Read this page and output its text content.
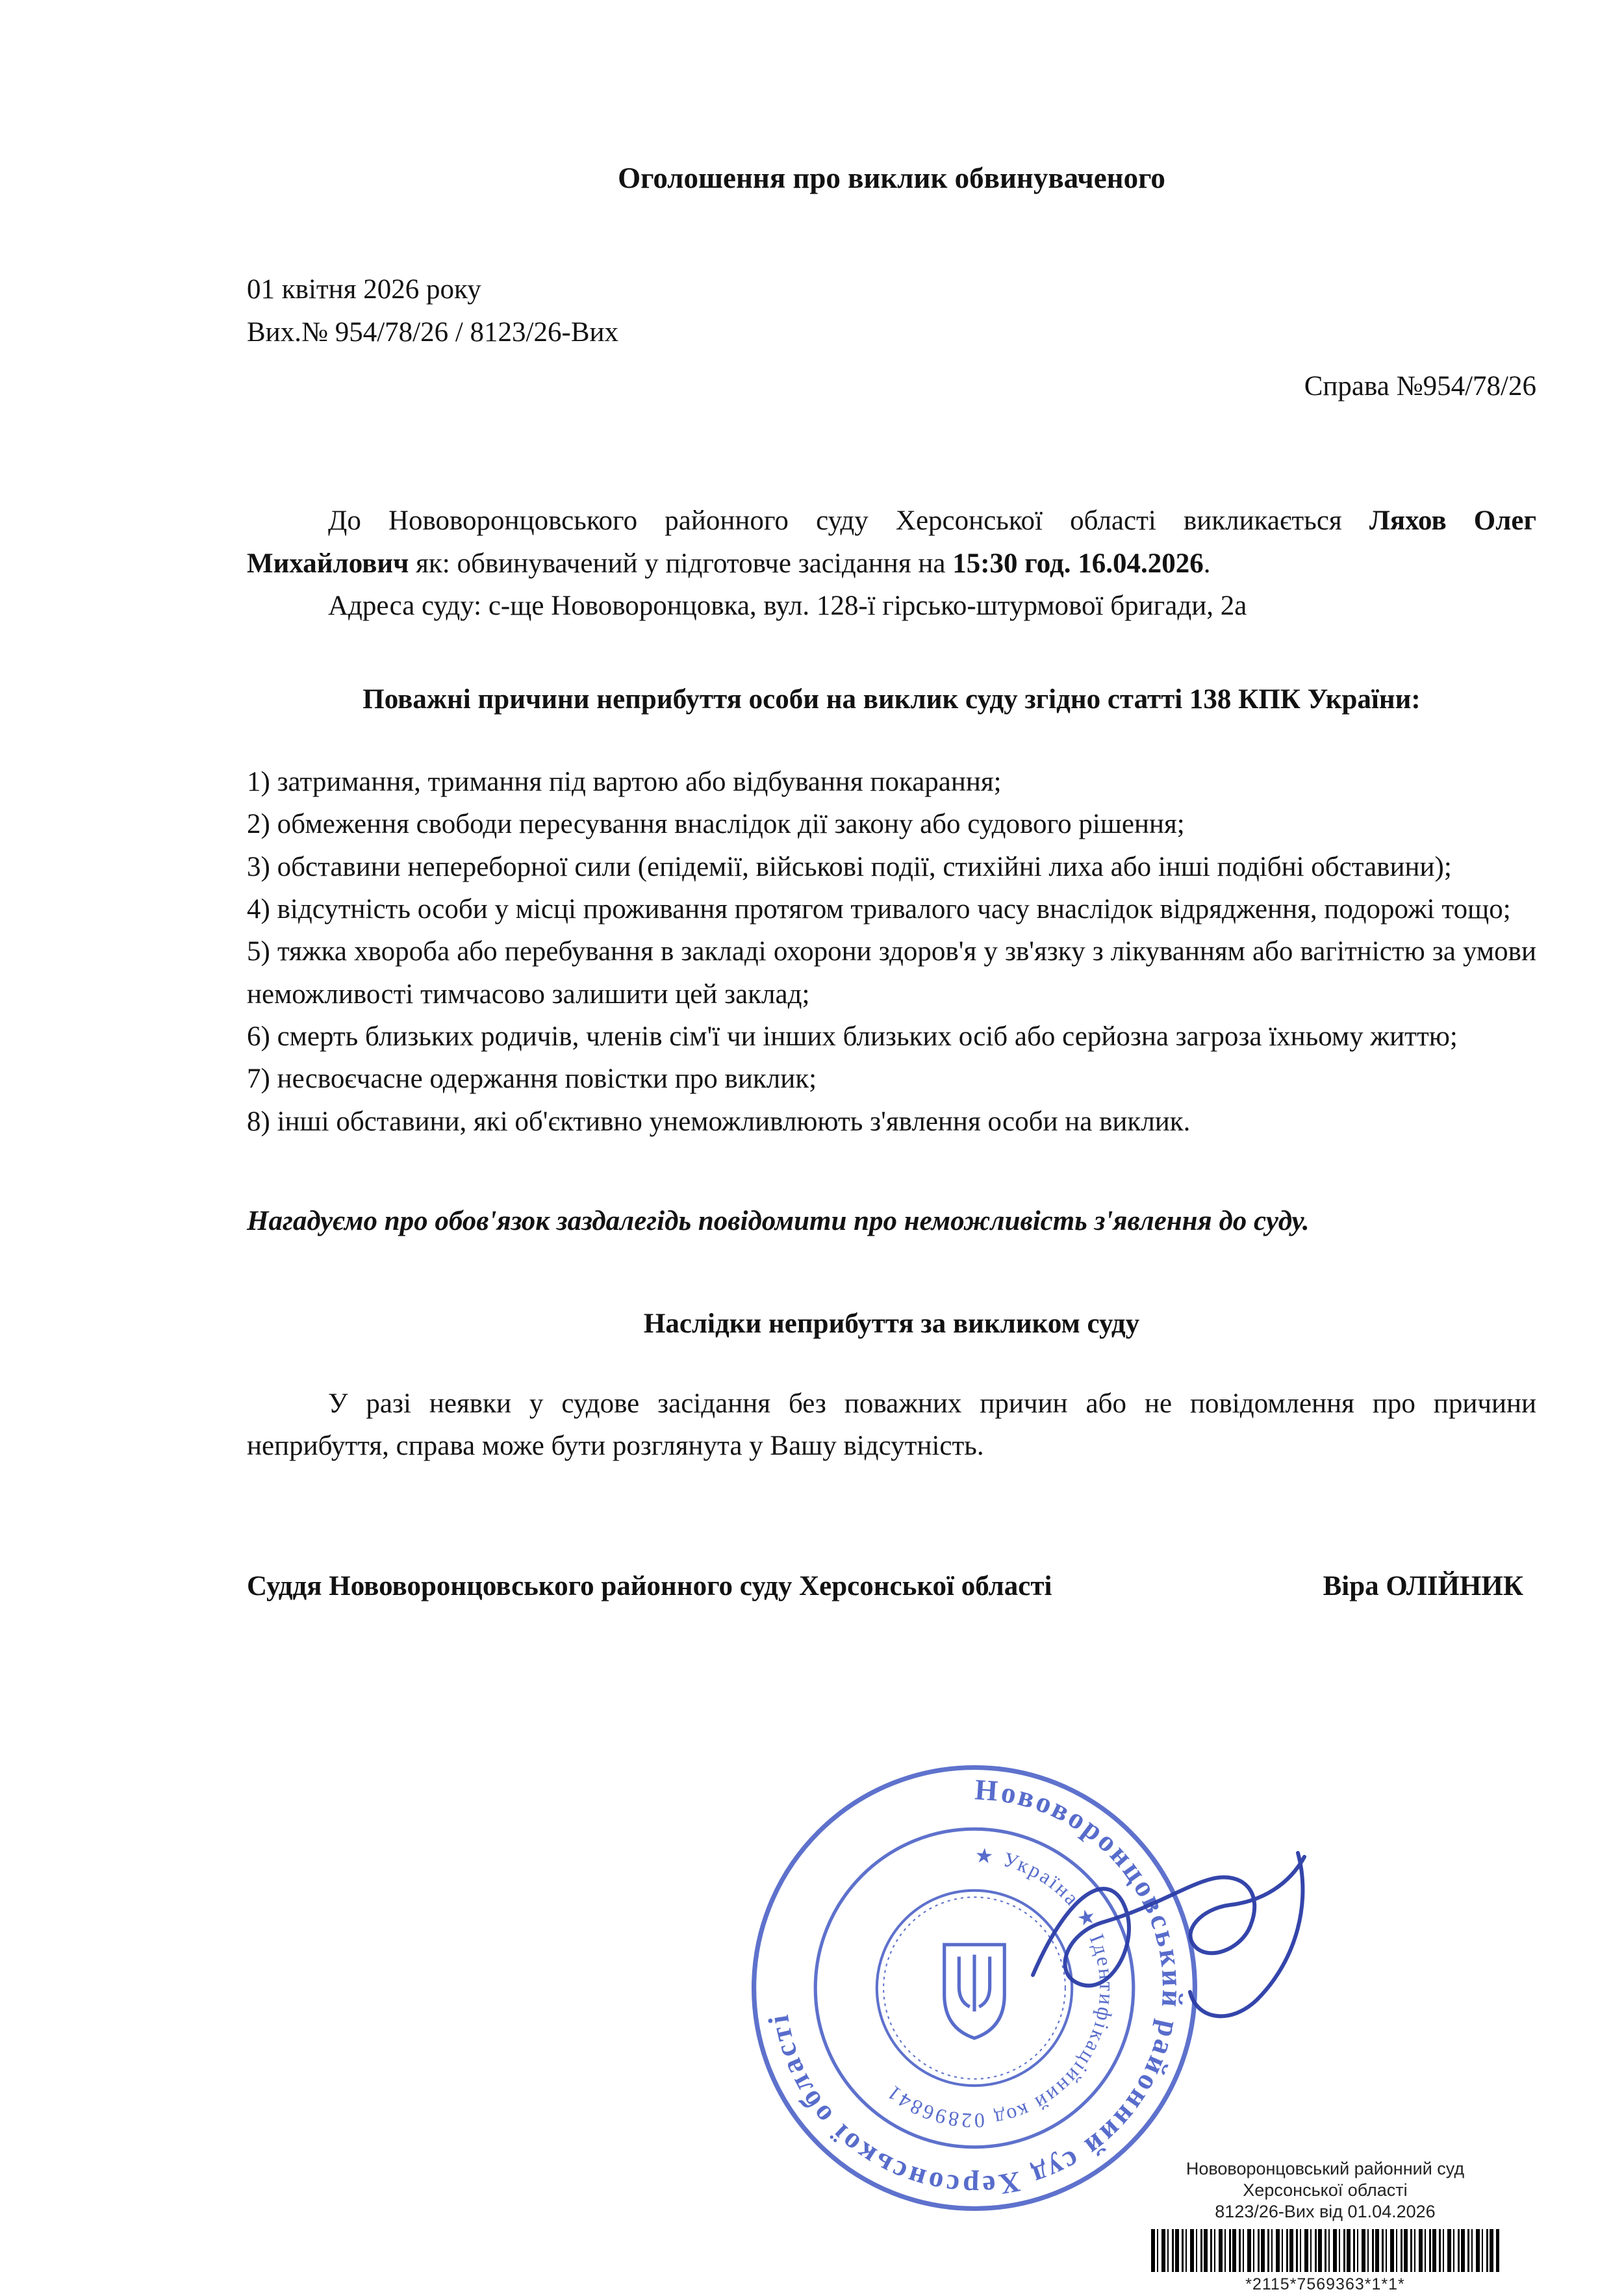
Оголошення про виклик обвинуваченого

01 квітня 2026 року

Вих.№ 954/78/26 / 8123/26-Вих

Справа №954/78/26

До Нововоронцовського районного суду Херсонської області викликається Ляхов Олег Михайлович як: обвинувачений у підготовче засідання на 15:30 год. 16.04.2026.

Адреса суду: с-ще Нововоронцовка, вул. 128-ї гірсько-штурмової бригади, 2а

Поважні причини неприбуття особи на виклик суду згідно статті 138 КПК України:

1) затримання, тримання під вартою або відбування покарання;

2) обмеження свободи пересування внаслідок дії закону або судового рішення;

3) обставини непереборної сили (епідемії, військові події, стихійні лиха або інші подібні обставини);

4) відсутність особи у місці проживання протягом тривалого часу внаслідок відрядження, подорожі тощо;

5) тяжка хвороба або перебування в закладі охорони здоров'я у зв'язку з лікуванням або вагітністю за умови неможливості тимчасово залишити цей заклад;

6) смерть близьких родичів, членів сім'ї чи інших близьких осіб або серйозна загроза їхньому життю;

7) несвоєчасне одержання повістки про виклик;

8) інші обставини, які об'єктивно унеможливлюють з'явлення особи на виклик.

Нагадуємо про обов'язок заздалегідь повідомити про неможливість з'явлення до суду.

Наслідки неприбуття за викликом суду

У разі неявки у судове засідання без поважних причин або не повідомлення про причини неприбуття, справа може бути розглянута у Вашу відсутність.

Суддя Нововоронцовського районного суду Херсонської області	Віра ОЛІЙНИК
Нововоронцовський районний суд Херсонської області
★ Україна ★ Ідентифікаційний код 02896841
Нововоронцовський районний суд
Херсонської області
8123/26-Вих від 01.04.2026
*2115*7569363*1*1*
